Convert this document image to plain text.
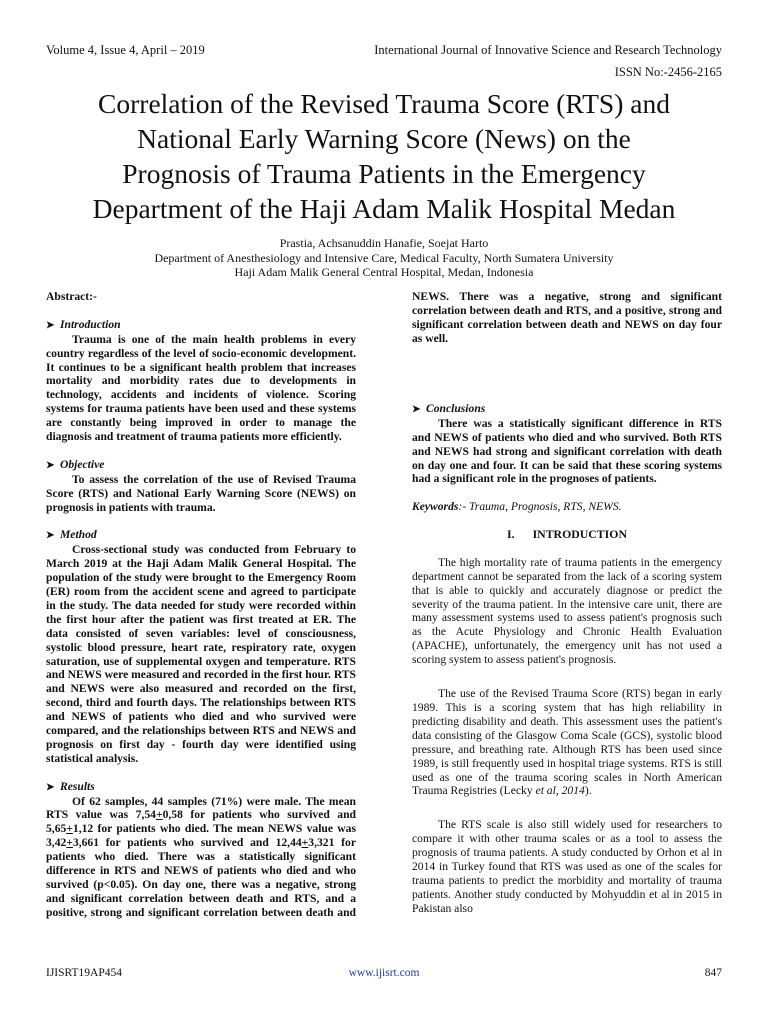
Volume 4, Issue 4, April – 2019	International Journal of Innovative Science and Research Technology
ISSN No:-2456-2165
Correlation of the Revised Trauma Score (RTS) and
National Early Warning Score (News) on the
Prognosis of Trauma Patients in the Emergency
Department of the Haji Adam Malik Hospital Medan
Prastia, Achsanuddin Hanafie, Soejat Harto
Department of Anesthesiology and Intensive Care, Medical Faculty, North Sumatera University
Haji Adam Malik General Central Hospital, Medan, Indonesia
Abstract:-
➤ Introduction
Trauma is one of the main health problems in every country regardless of the level of socio-economic development. It continues to be a significant health problem that increases mortality and morbidity rates due to developments in technology, accidents and incidents of violence. Scoring systems for trauma patients have been used and these systems are constantly being improved in order to manage the diagnosis and treatment of trauma patients more efficiently.
➤ Objective
To assess the correlation of the use of Revised Trauma Score (RTS) and National Early Warning Score (NEWS) on prognosis in patients with trauma.
➤ Method
Cross-sectional study was conducted from February to March 2019 at the Haji Adam Malik General Hospital. The population of the study were brought to the Emergency Room (ER) room from the accident scene and agreed to participate in the study. The data needed for study were recorded within the first hour after the patient was first treated at ER. The data consisted of seven variables: level of consciousness, systolic blood pressure, heart rate, respiratory rate, oxygen saturation, use of supplemental oxygen and temperature. RTS and NEWS were measured and recorded in the first hour. RTS and NEWS were also measured and recorded on the first, second, third and fourth days. The relationships between RTS and NEWS of patients who died and who survived were compared, and the relationships between RTS and NEWS and prognosis on first day - fourth day were identified using statistical analysis.
➤ Results
Of 62 samples, 44 samples (71%) were male. The mean RTS value was 7,54+0,58 for patients who survived and 5,65+1,12 for patients who died. The mean NEWS value was 3,42+3,661 for patients who survived and 12,44+3,321 for patients who died. There was a statistically significant difference in RTS and NEWS of patients who died and who survived (p<0.05). On day one, there was a negative, strong and significant correlation between death and RTS, and a positive, strong and significant correlation between death and
NEWS. There was a negative, strong and significant correlation between death and RTS, and a positive, strong and significant correlation between death and NEWS on day four as well.
➤ Conclusions
There was a statistically significant difference in RTS and NEWS of patients who died and who survived. Both RTS and NEWS had strong and significant correlation with death on day one and four. It can be said that these scoring systems had a significant role in the prognoses of patients.
Keywords:- Trauma, Prognosis, RTS, NEWS.
I. INTRODUCTION
The high mortality rate of trauma patients in the emergency department cannot be separated from the lack of a scoring system that is able to quickly and accurately diagnose or predict the severity of the trauma patient. In the intensive care unit, there are many assessment systems used to assess patient's prognosis such as the Acute Physiology and Chronic Health Evaluation (APACHE), unfortunately, the emergency unit has not used a scoring system to assess patient's prognosis.
The use of the Revised Trauma Score (RTS) began in early 1989. This is a scoring system that has high reliability in predicting disability and death. This assessment uses the patient's data consisting of the Glasgow Coma Scale (GCS), systolic blood pressure, and breathing rate. Although RTS has been used since 1989, is still frequently used in hospital triage systems. RTS is still used as one of the trauma scoring scales in North American Trauma Registries (Lecky et al, 2014).
The RTS scale is also still widely used for researchers to compare it with other trauma scales or as a tool to assess the prognosis of trauma patients. A study conducted by Orhon et al in 2014 in Turkey found that RTS was used as one of the scales for trauma patients to predict the morbidity and mortality of trauma patients. Another study conducted by Mohyuddin et al in 2015 in Pakistan also
IJISRT19AP454	www.ijisrt.com	847
